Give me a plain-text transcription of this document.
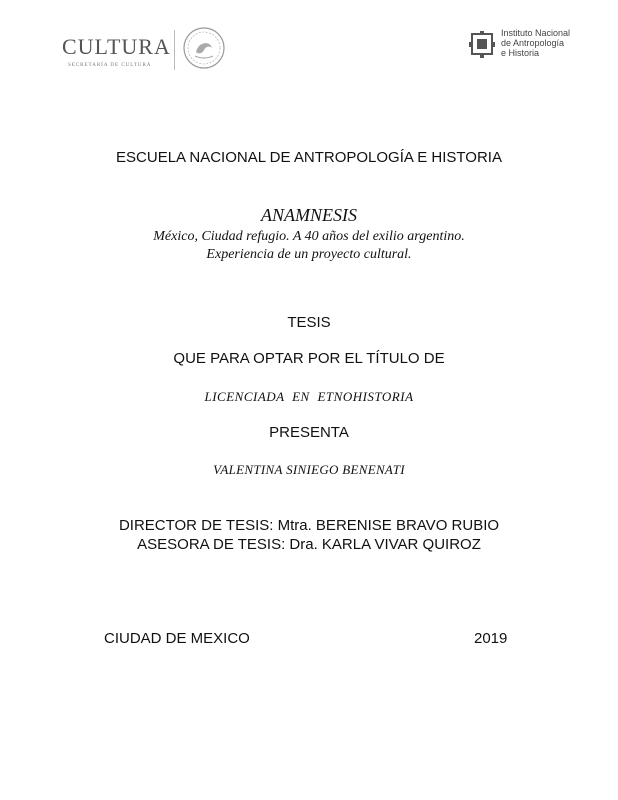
CULTURA
SECRETARÍA DE CULTURA
Instituto Nacional
de Antropología
e Historia
ESCUELA NACIONAL DE ANTROPOLOGÍA E HISTORIA
ANAMNESIS
México, Ciudad refugio. A 40 años del exilio argentino.
Experiencia de un proyecto cultural.
TESIS
QUE PARA OPTAR POR EL TÍTULO DE
LICENCIADA EN ETNOHISTORIA
PRESENTA
VALENTINA SINIEGO BENENATI
DIRECTOR DE TESIS: Mtra. BERENISE BRAVO RUBIO
ASESORA DE TESIS: Dra. KARLA VIVAR QUIROZ
CIUDAD DE MEXICO	2019
